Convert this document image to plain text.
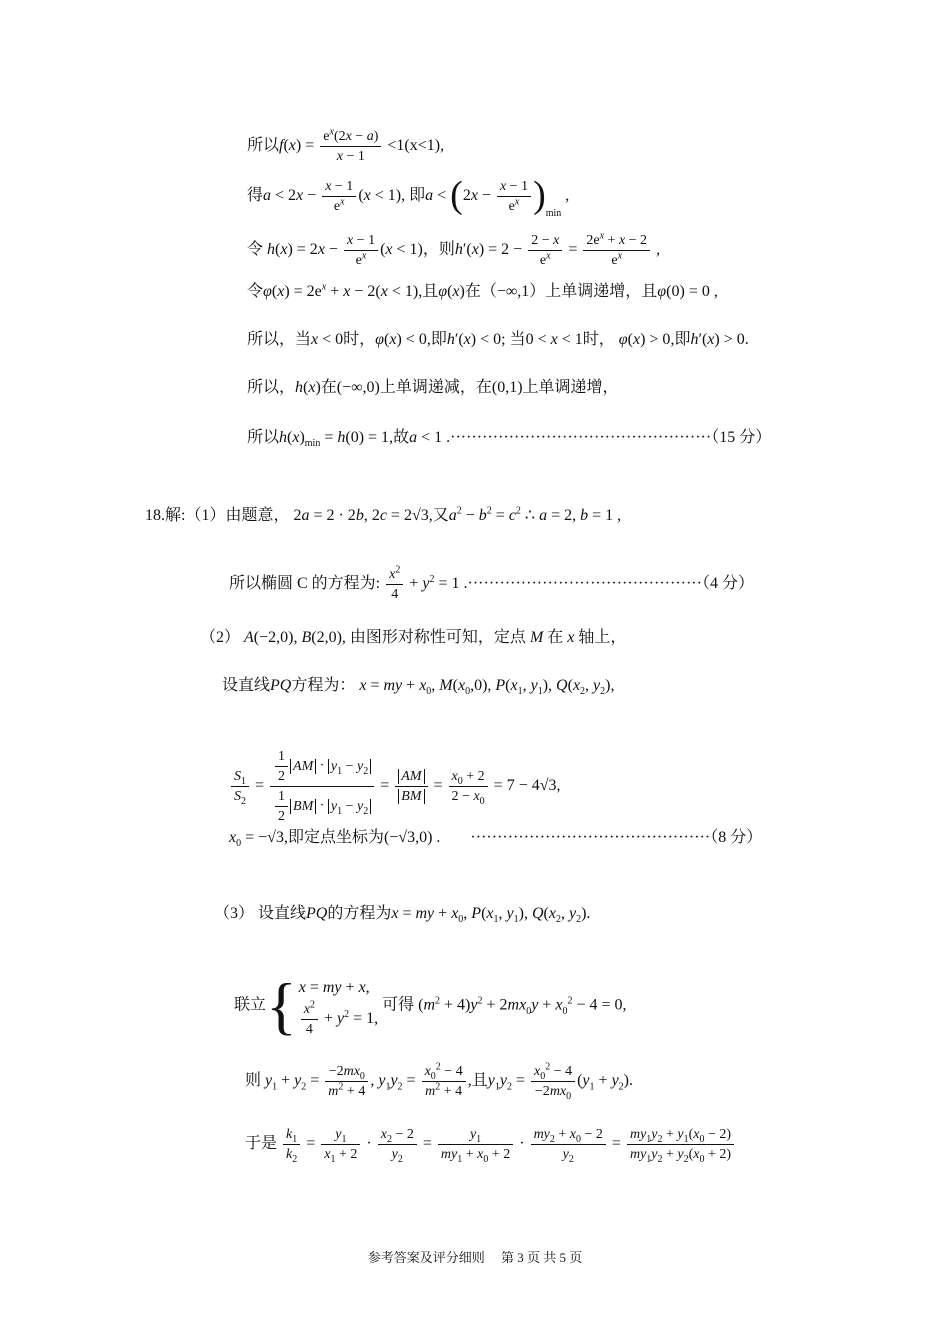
所以$f(x) = \frac{e^x(2x - a)}{x - 1} <1(x<1)$,
得$a < 2x - \frac{x - 1}{e^x} (x < 1)$, 即$a < (2x - \frac{x - 1}{e^x} )_{min}$ ,
令 $h(x) = 2x - \frac{x - 1}{e^x} (x < 1)$，则$h'(x) = 2 - \frac{2 - x}{e^x} = \frac{2e^x + x - 2}{e^x}$ ,
令$\varphi(x) = 2e^x + x - 2(x < 1)$,且φ(x)在（−∞,1）上单调递增，且φ(0) = 0 ,
所以，当x < 0时，φ(x) < 0,即h′(x) < 0; 当0 < x < 1时， φ(x) > 0,即h′(x) > 0.
所以，h(x)在(−∞,0)上单调递减，在(0,1)上单调递增，
所以$h(x)_{min} = h(0) = 1$,故a < 1 .·················································（15 分）
18.解:（1）由题意， 2a = 2 · 2b, 2c = 2√3,又$a^2 - b^2 = c^2$ ∴ a = 2, b = 1 ,
所以椭圆 C 的方程为: $\frac{x^2}{4} + y^2 = 1$ .············································（4 分）
（2） A(−2,0), B(2,0), 由图形对称性可知，定点 M 在 x 轴上，
设直线PQ方程为： x = my + $x_0$, $M(x_0,0)$, $P(x_1$, $y_1$), $Q(x_2$, $y_2$),
$\frac{S_1}{S_2} = \frac{\frac{1}{2} AM \cdot y_1 - y_2}{\frac{1}{2} BM \cdot y_1 - y_2} = \frac{AM}{BM} = \frac{x_0 + 2}{2 - x_0} = 7 - 4√3$,
$x_0 = -√3$,即定点坐标为(−√3,0) . ·············································（8 分）
（3） 设直线PQ的方程为x = my + $x_0$, $P(x_1$, $y_1$), $Q(x_2$, $y_2$).
联立{ x = my + x,
$\frac{x^2}{4} + y^2 = 1$,
可得 $(m^2 + 4)y^2 + 2mx_0y + x_0^2 - 4 = 0$,
则 $y_1 + y_2 = \frac{-2mx_0}{m^2 + 4}$ , $y_1y_2 = \frac{x_0^2 - 4}{m^2 + 4}$ ,且$y_1y_2 = \frac{x_0^2 - 4}{-2mx_0} (y_1 + y_2)$.
于是 $\frac{k_1}{k_2} = \frac{y_1}{x_1 + 2} \cdot \frac{x_2 - 2}{y_2} = \frac{y_1}{my_1 + x_0 + 2} \cdot \frac{my_2 + x_0 - 2}{y_2} = \frac{my_1y_2 + y_1(x_0 - 2)}{my_1y_2 + y_2(x_0 + 2)}$
参考答案及评分细则　 第 3 页 共 5 页
